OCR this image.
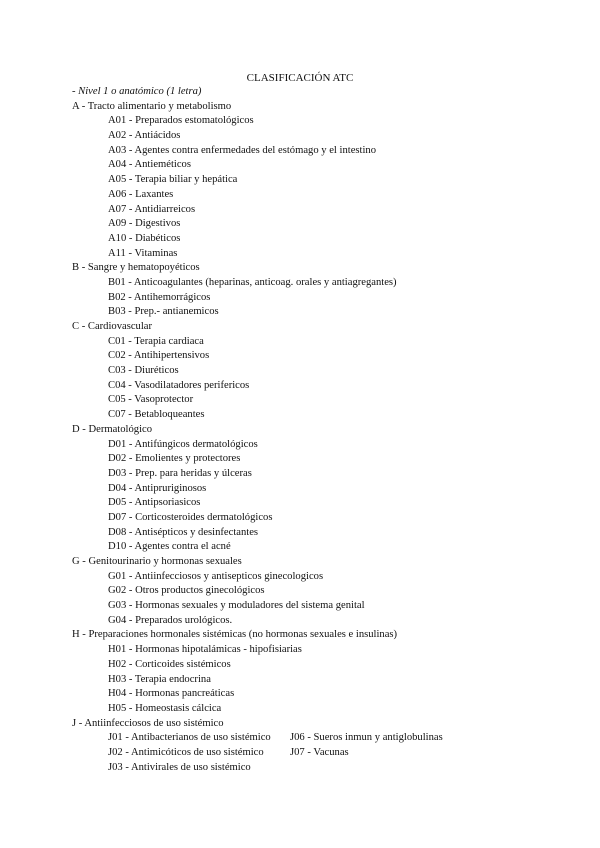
CLASIFICACIÓN ATC
- Nivel 1 o anatómico (1 letra)
A - Tracto alimentario y metabolismo
A01 - Preparados estomatológicos
A02 - Antiácidos
A03 - Agentes contra enfermedades del estómago y el intestino
A04 - Antieméticos
A05 - Terapia biliar y hepática
A06 - Laxantes
A07 - Antidiarreicos
A09 - Digestivos
A10 - Diabéticos
A11 - Vitaminas
B - Sangre y hematopoyéticos
B01 - Anticoagulantes (heparinas, anticoag. orales y antiagregantes)
B02 - Antihemorrágicos
B03 - Prep.- antianemicos
C - Cardiovascular
C01 - Terapia cardiaca
C02 - Antihipertensivos
C03 - Diuréticos
C04 - Vasodilatadores perifericos
C05 - Vasoprotector
C07 - Betabloqueantes
D - Dermatológico
D01 - Antifúngicos dermatológicos
D02 - Emolientes y protectores
D03 - Prep. para heridas y úlceras
D04 - Antipruriginosos
D05 - Antipsoriasicos
D07 - Corticosteroides dermatológicos
D08 - Antisépticos y desinfectantes
D10 - Agentes contra el acné
G - Genitourinario y hormonas sexuales
G01 - Antiinfecciosos y antisepticos ginecologicos
G02 - Otros productos ginecológicos
G03 - Hormonas sexuales y moduladores del sistema genital
G04 - Preparados urológicos.
H - Preparaciones hormonales sistémicas (no hormonas sexuales e insulinas)
H01 - Hormonas hipotalámicas - hipofisiarias
H02 - Corticoides sistémicos
H03 - Terapia endocrina
H04 - Hormonas pancreáticas
H05 - Homeostasis cálcica
J - Antiinfecciosos de uso sistémico
J01 - Antibacterianos de uso sistémico J06 - Sueros inmun y antiglobulinas
J02 - Antimicóticos de uso sistémico J07 - Vacunas
J03 - Antivirales de uso sistémico
